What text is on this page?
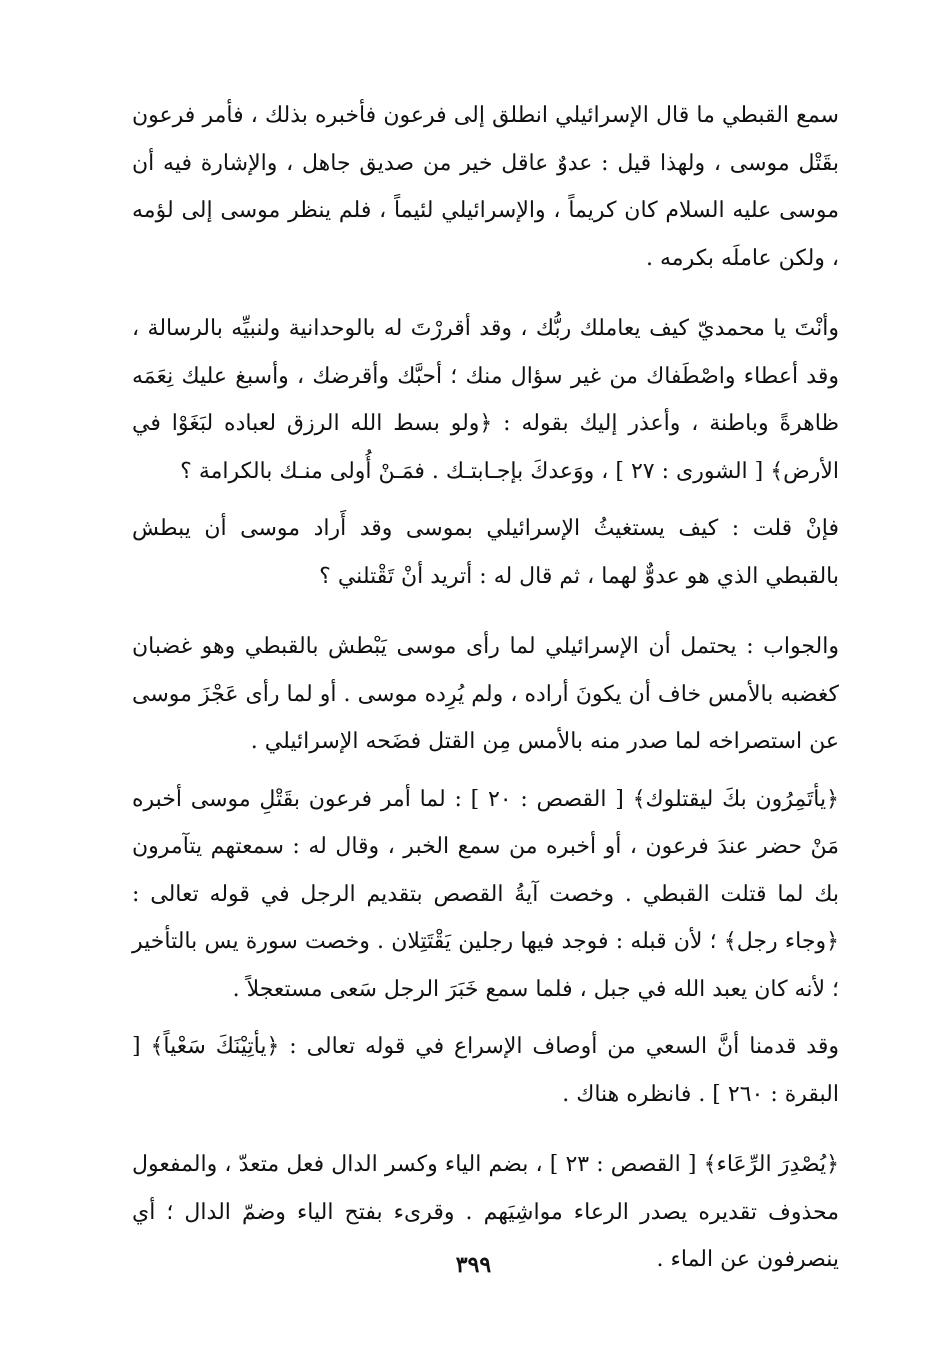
سمع القبطي ما قال الإسرائيلي انطلق إلى فرعون فأخبره بذلك ، فأمر فرعون بقَتْل موسى ، ولهذا قيل : عدوٌ عاقل خير من صديق جاهل ، والإشارة فيه أن موسى عليه السلام كان كريماً ، والإسرائيلي لئيماً ، فلم ينظر موسى إلى لؤمه ، ولكن عاملَه بكرمه .

وأنْتَ يا محمديّ كيف يعاملك ربُّك ، وقد أقررْتَ له بالوحدانية ولنبيِّه بالرسالة ، وقد أعطاء واصْطَفاك من غير سؤال منك ؛ أحبَّك وأقرضك ، وأسبغ عليك نِعَمَه ظاهرةً وباطنة ، وأعذر إليك بقوله : ﴿ولو بسط الله الرزق لعباده لبَغَوْا في الأرض﴾ [ الشورى : ٢٧ ] ، ووَعدكَ بإجـابتـك . فمَـنْ أُولى منـك بالكرامة ؟

فإنْ قلت : كيف يستغيثُ الإسرائيلي بموسى وقد أَراد موسى أن يبطش بالقبطي الذي هو عدوٌّ لهما ، ثم قال له : أتريد أنْ تَقْتلني ؟

والجواب : يحتمل أن الإسرائيلي لما رأى موسى يَبْطش بالقبطي وهو غضبان كغضبه بالأمس خاف أن يكونَ أراده ، ولم يُرِده موسى . أو لما رأى عَجْزَ موسى عن استصراخه لما صدر منه بالأمس مِن القتل فضَحه الإسرائيلي .

﴿يأتَمِرُون بكَ ليقتلوك﴾ [ القصص : ٢٠ ] : لما أمر فرعون بقَتْلِ موسى أخبره مَنْ حضر عندَ فرعون ، أو أخبره من سمع الخبر ، وقال له : سمعتهم يتآمرون بك لما قتلت القبطي . وخصت آيةُ القصص بتقديم الرجل في قوله تعالى : ﴿وجاء رجل﴾ ؛ لأن قبله : فوجد فيها رجلين يَقْتَتِلان . وخصت سورة يس بالتأخير ؛ لأنه كان يعبد الله في جبل ، فلما سمع خَبَرَ الرجل سَعى مستعجلاً .

وقد قدمنا أنَّ السعي من أوصاف الإسراع في قوله تعالى : ﴿يأتِيْنَكَ سَعْياً﴾ [ البقرة : ٢٦٠ ] . فانظره هناك .

﴿يُصْدِرَ الرِّعَاء﴾ [ القصص : ٢٣ ] ، بضم الياء وكسر الدال فعل متعدّ ، والمفعول محذوف تقديره يصدر الرعاء مواشِيَهم . وقرىء بفتح الياء وضمّ الدال ؛ أي ينصرفون عن الماء .

٣٩٩
